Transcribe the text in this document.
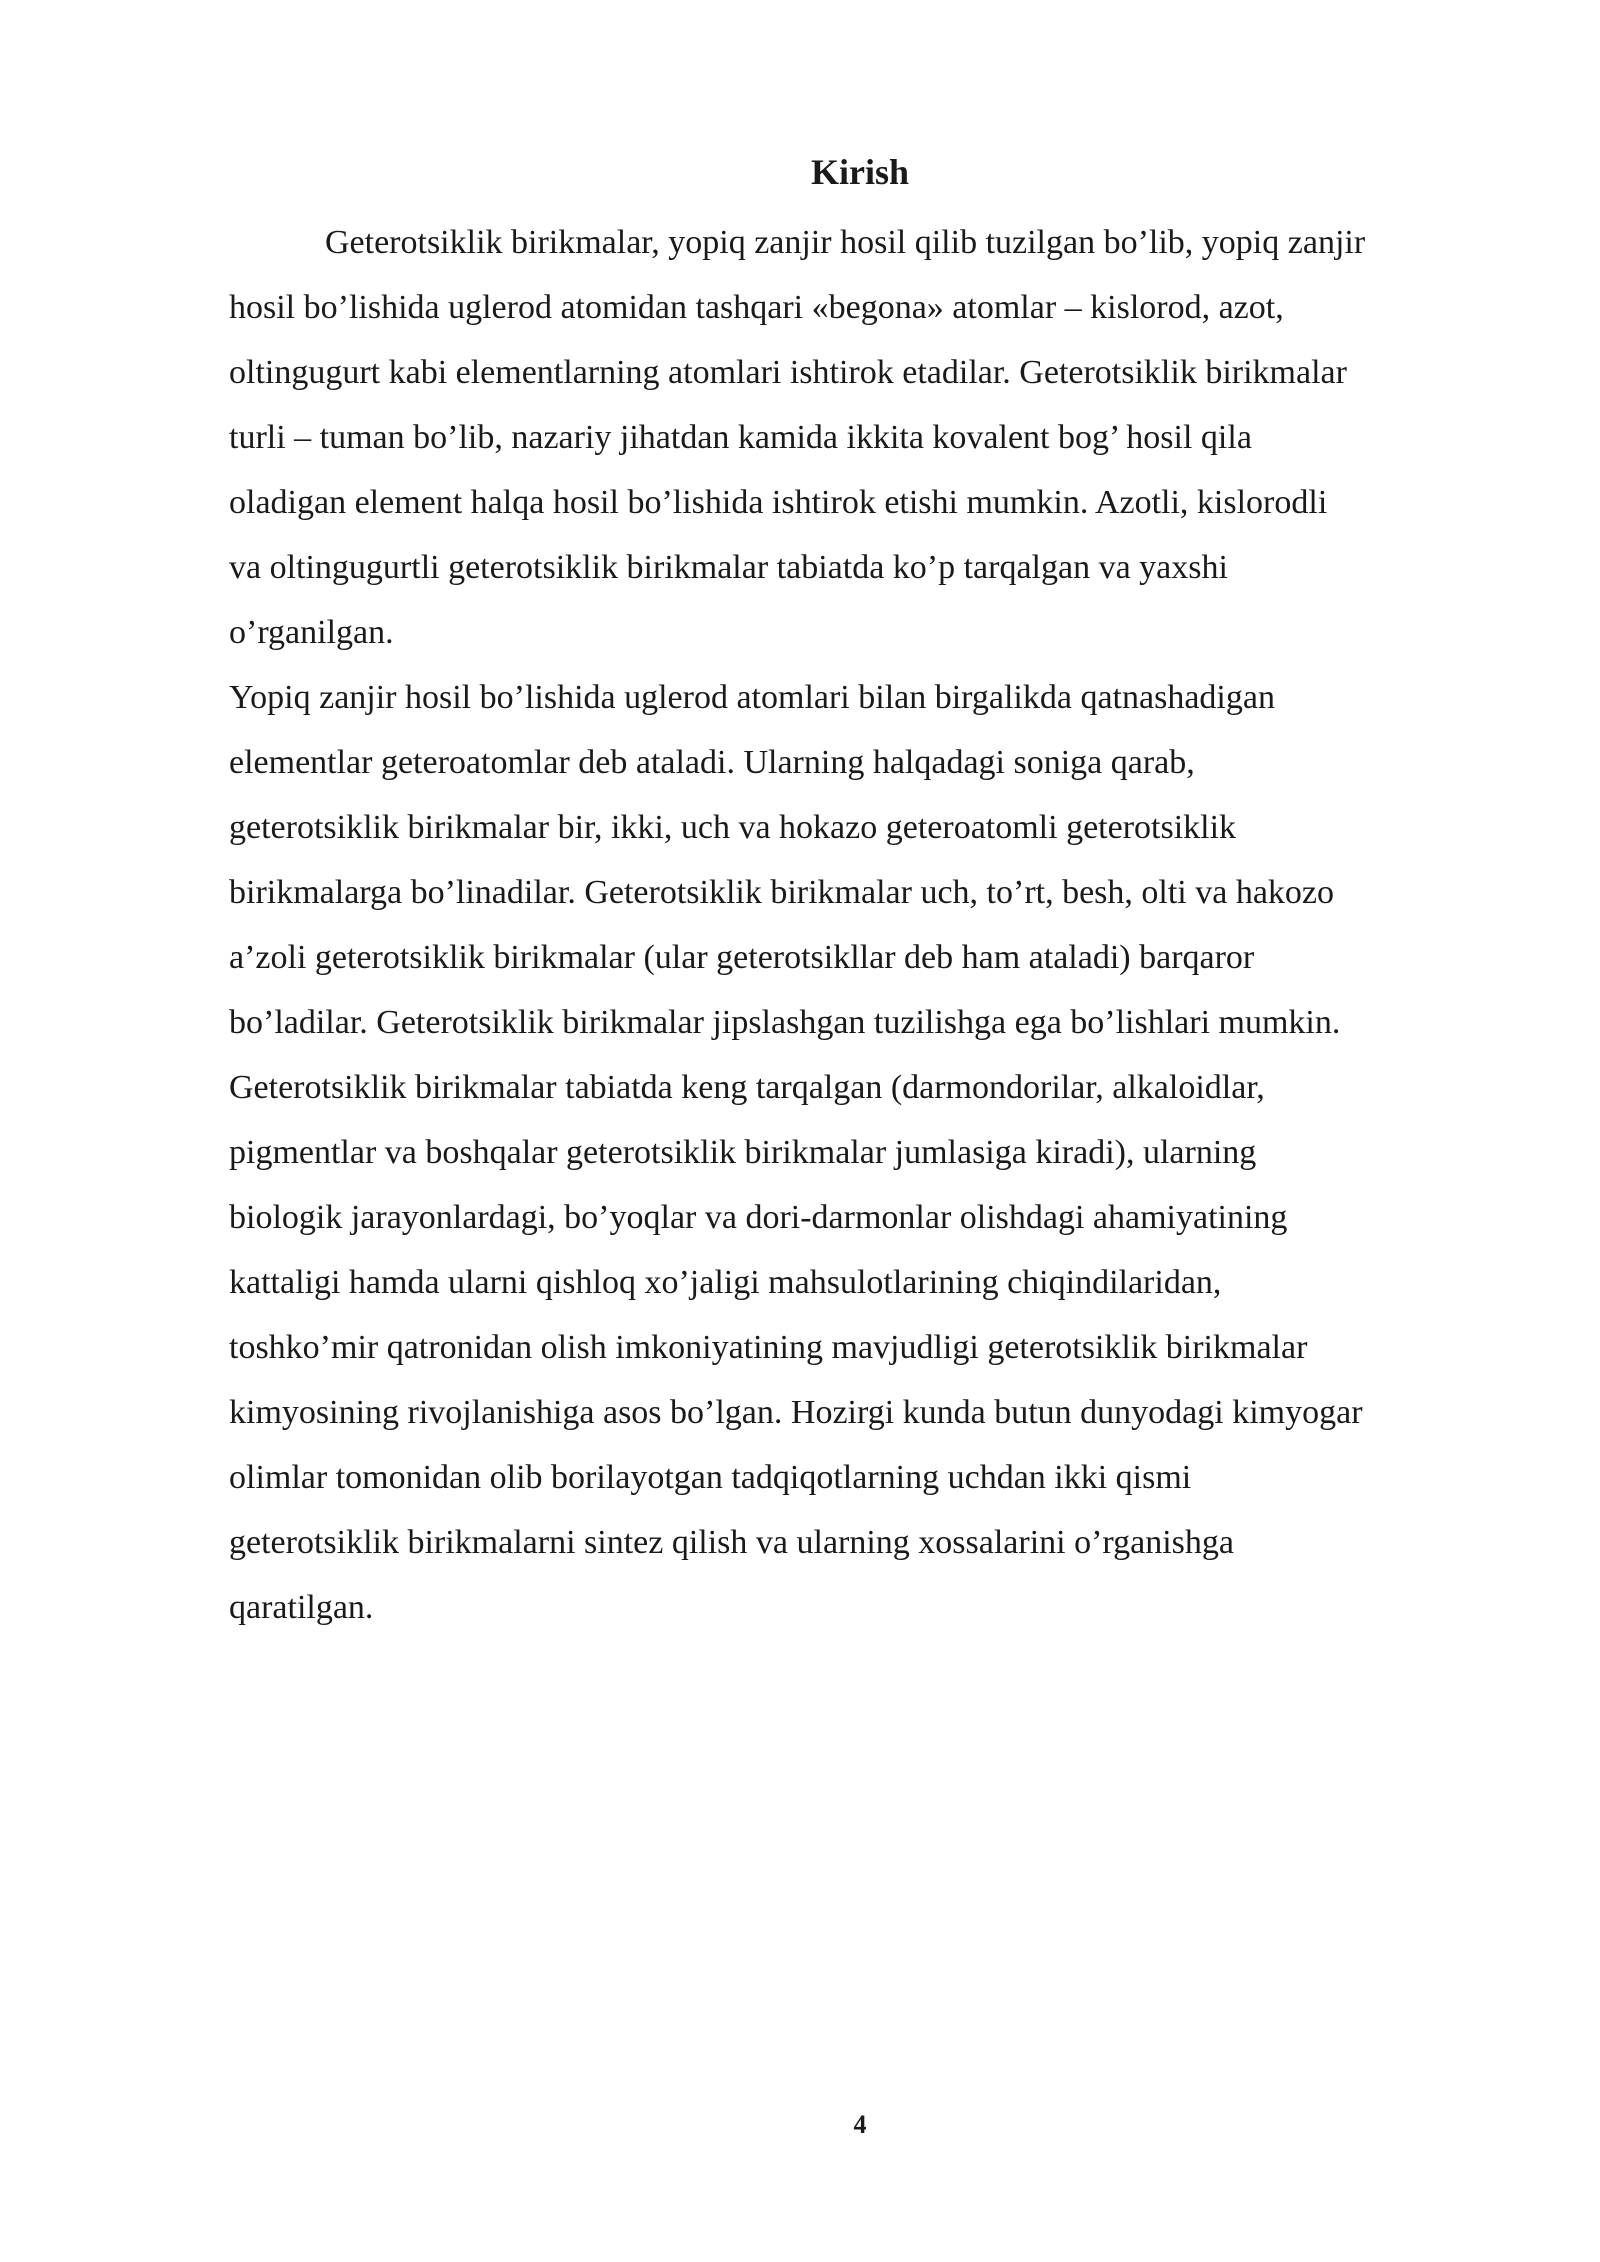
Kirish
Geterotsiklik birikmalar, yopiq zanjir hosil qilib tuzilgan bo’lib, yopiq zanjir
hosil bo’lishida uglerod atomidan tashqari «begona» atomlar – kislorod, azot,
oltingugurt kabi elementlarning atomlari ishtirok etadilar. Geterotsiklik birikmalar
turli – tuman bo’lib, nazariy jihatdan kamida ikkita kovalent bog’ hosil qila
oladigan element halqa hosil bo’lishida ishtirok etishi mumkin. Azotli, kislorodli
va oltingugurtli geterotsiklik birikmalar tabiatda ko’p tarqalgan va yaxshi
o’rganilgan.
Yopiq zanjir hosil bo’lishida uglerod atomlari bilan birgalikda qatnashadigan
elementlar geteroatomlar deb ataladi. Ularning halqadagi soniga qarab,
geterotsiklik birikmalar bir, ikki, uch va hokazo geteroatomli geterotsiklik
birikmalarga bo’linadilar. Geterotsiklik birikmalar uch, to’rt, besh, olti va hakozo
a’zoli geterotsiklik birikmalar (ular geterotsikllar deb ham ataladi) barqaror
bo’ladilar. Geterotsiklik birikmalar jipslashgan tuzilishga ega bo’lishlari mumkin.
Geterotsiklik birikmalar tabiatda keng tarqalgan (darmondorilar, alkaloidlar,
pigmentlar va boshqalar geterotsiklik birikmalar jumlasiga kiradi), ularning
biologik jarayonlardagi, bo’yoqlar va dori-darmonlar olishdagi ahamiyatining
kattaligi hamda ularni qishloq xo’jaligi mahsulotlarining chiqindilaridan,
toshko’mir qatronidan olish imkoniyatining mavjudligi geterotsiklik birikmalar
kimyosining rivojlanishiga asos bo’lgan. Hozirgi kunda butun dunyodagi kimyogar
olimlar tomonidan olib borilayotgan tadqiqotlarning uchdan ikki qismi
geterotsiklik birikmalarni sintez qilish va ularning xossalarini o’rganishga
qaratilgan.
4
